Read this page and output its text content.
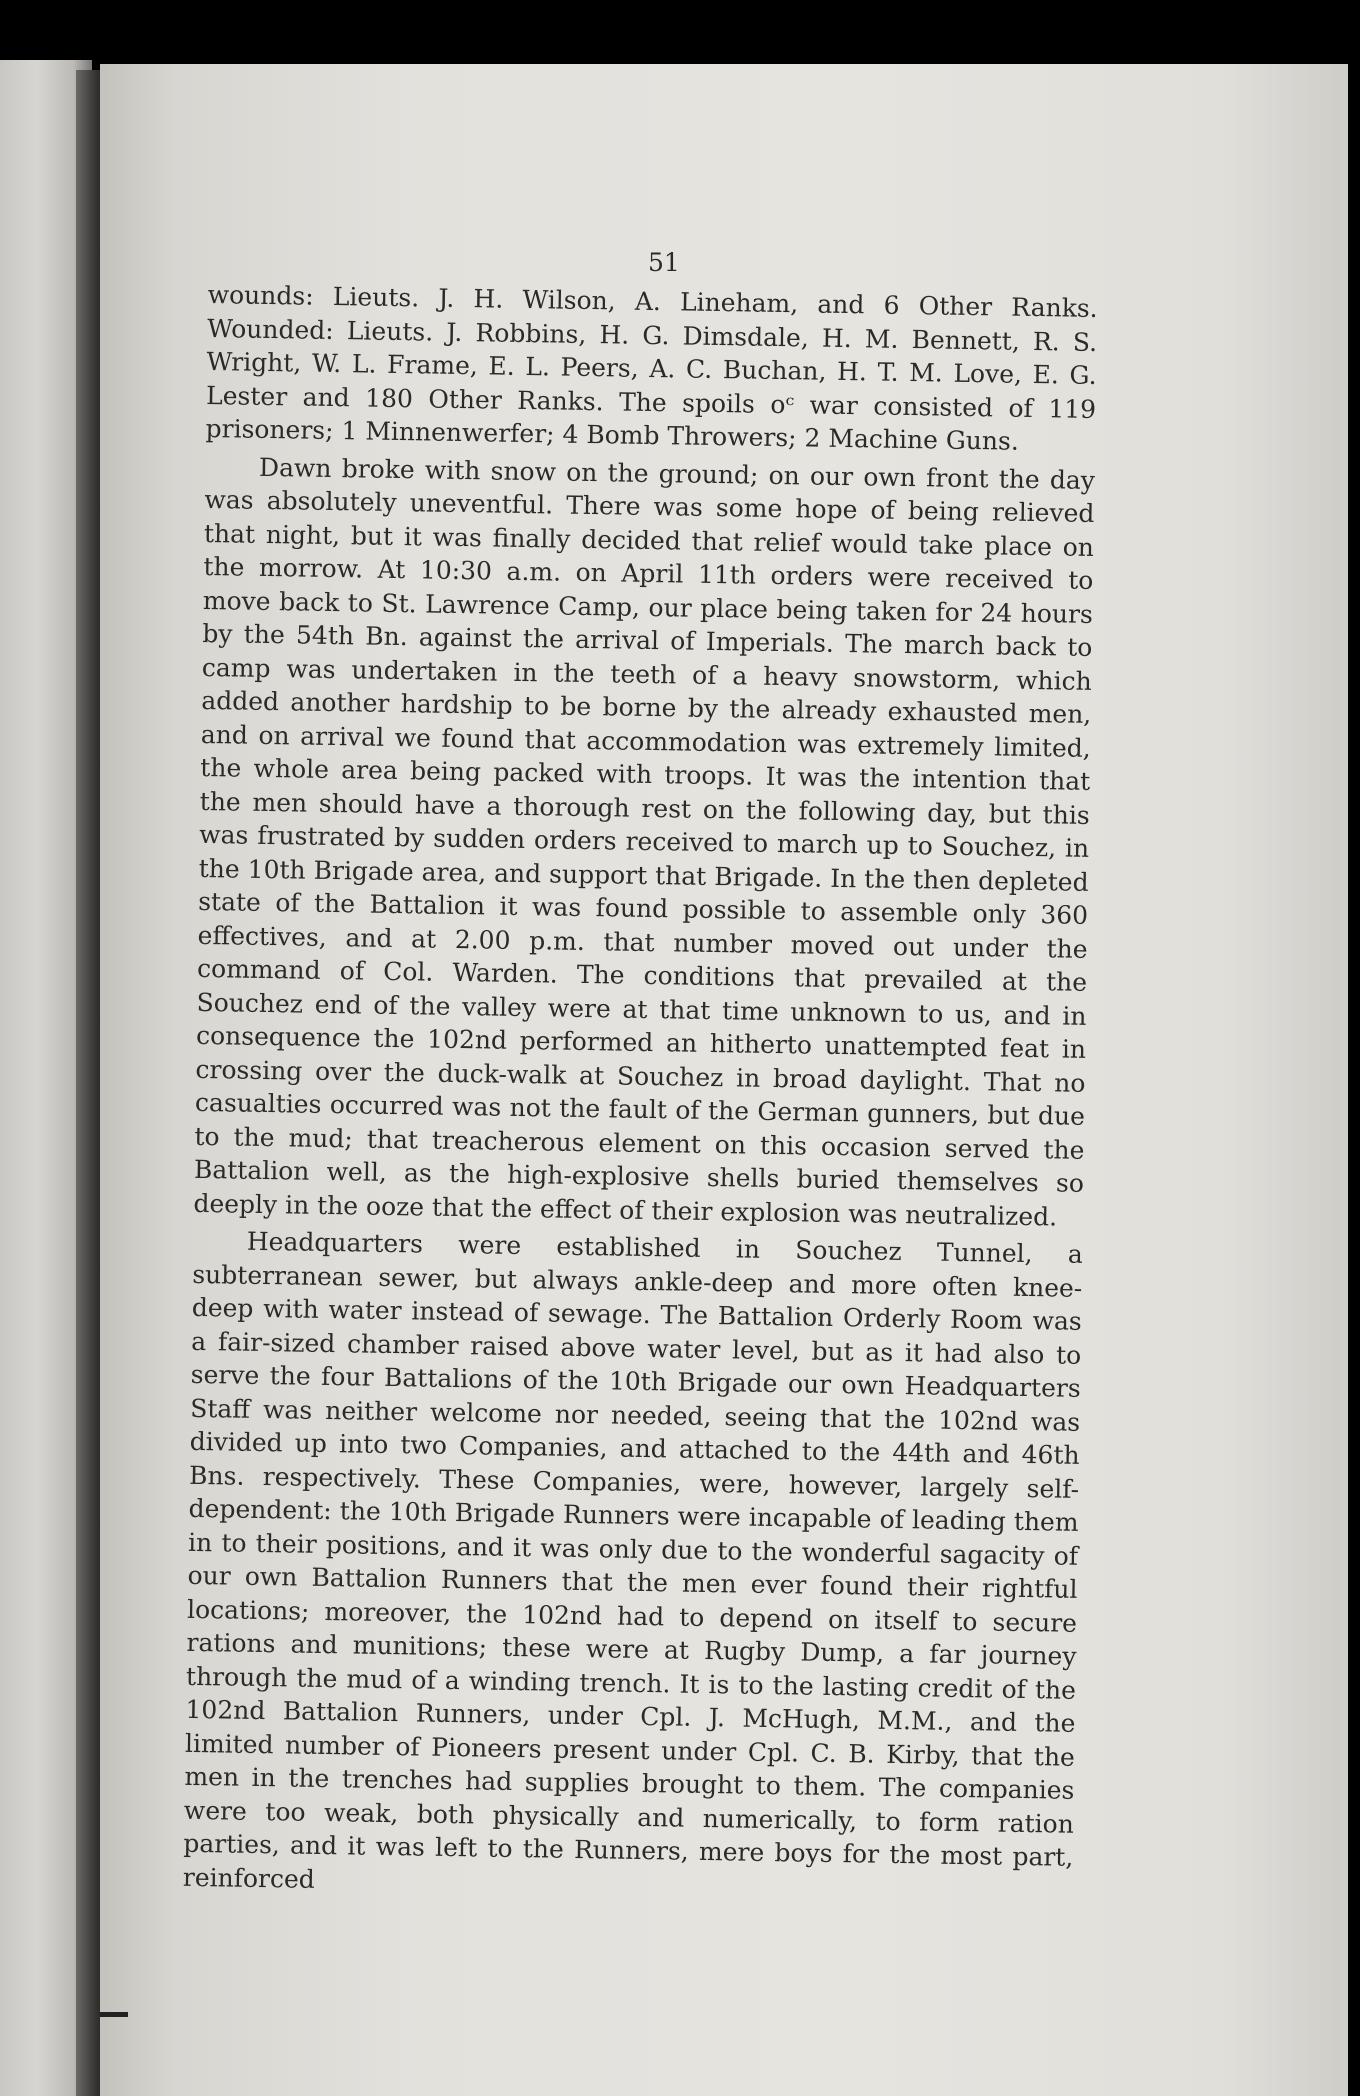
51

wounds: Lieuts. J. H. Wilson, A. Lineham, and 6 Other Ranks. Wounded: Lieuts. J. Robbins, H. G. Dimsdale, H. M. Bennett, R. S. Wright, W. L. Frame, E. L. Peers, A. C. Buchan, H. T. M. Love, E. G. Lester and 180 Other Ranks. The spoils oᶜ war consisted of 119 prisoners; 1 Minnenwerfer; 4 Bomb Throwers; 2 Machine Guns.

Dawn broke with snow on the ground; on our own front the day was absolutely uneventful. There was some hope of being relieved that night, but it was finally decided that relief would take place on the morrow. At 10:30 a.m. on April 11th orders were received to move back to St. Lawrence Camp, our place being taken for 24 hours by the 54th Bn. against the arrival of Imperials. The march back to camp was undertaken in the teeth of a heavy snowstorm, which added another hardship to be borne by the already exhausted men, and on arrival we found that accommodation was extremely limited, the whole area being packed with troops. It was the intention that the men should have a thorough rest on the following day, but this was frustrated by sudden orders received to march up to Souchez, in the 10th Brigade area, and support that Brigade. In the then depleted state of the Battalion it was found possible to assemble only 360 effectives, and at 2.00 p.m. that number moved out under the command of Col. Warden. The conditions that prevailed at the Souchez end of the valley were at that time unknown to us, and in consequence the 102nd performed an hitherto unattempted feat in crossing over the duck-walk at Souchez in broad daylight. That no casualties occurred was not the fault of the German gunners, but due to the mud; that treacherous element on this occasion served the Battalion well, as the high-explosive shells buried themselves so deeply in the ooze that the effect of their explosion was neutralized.

Headquarters were established in Souchez Tunnel, a subterranean sewer, but always ankle-deep and more often knee-deep with water instead of sewage. The Battalion Orderly Room was a fair-sized chamber raised above water level, but as it had also to serve the four Battalions of the 10th Brigade our own Headquarters Staff was neither welcome nor needed, seeing that the 102nd was divided up into two Companies, and attached to the 44th and 46th Bns. respectively. These Companies, were, however, largely self-dependent: the 10th Brigade Runners were incapable of leading them in to their positions, and it was only due to the wonderful sagacity of our own Battalion Runners that the men ever found their rightful locations; moreover, the 102nd had to depend on itself to secure rations and munitions; these were at Rugby Dump, a far journey through the mud of a winding trench. It is to the lasting credit of the 102nd Battalion Runners, under Cpl. J. McHugh, M.M., and the limited number of Pioneers present under Cpl. C. B. Kirby, that the men in the trenches had supplies brought to them. The companies were too weak, both physically and numerically, to form ration parties, and it was left to the Runners, mere boys for the most part, reinforced
